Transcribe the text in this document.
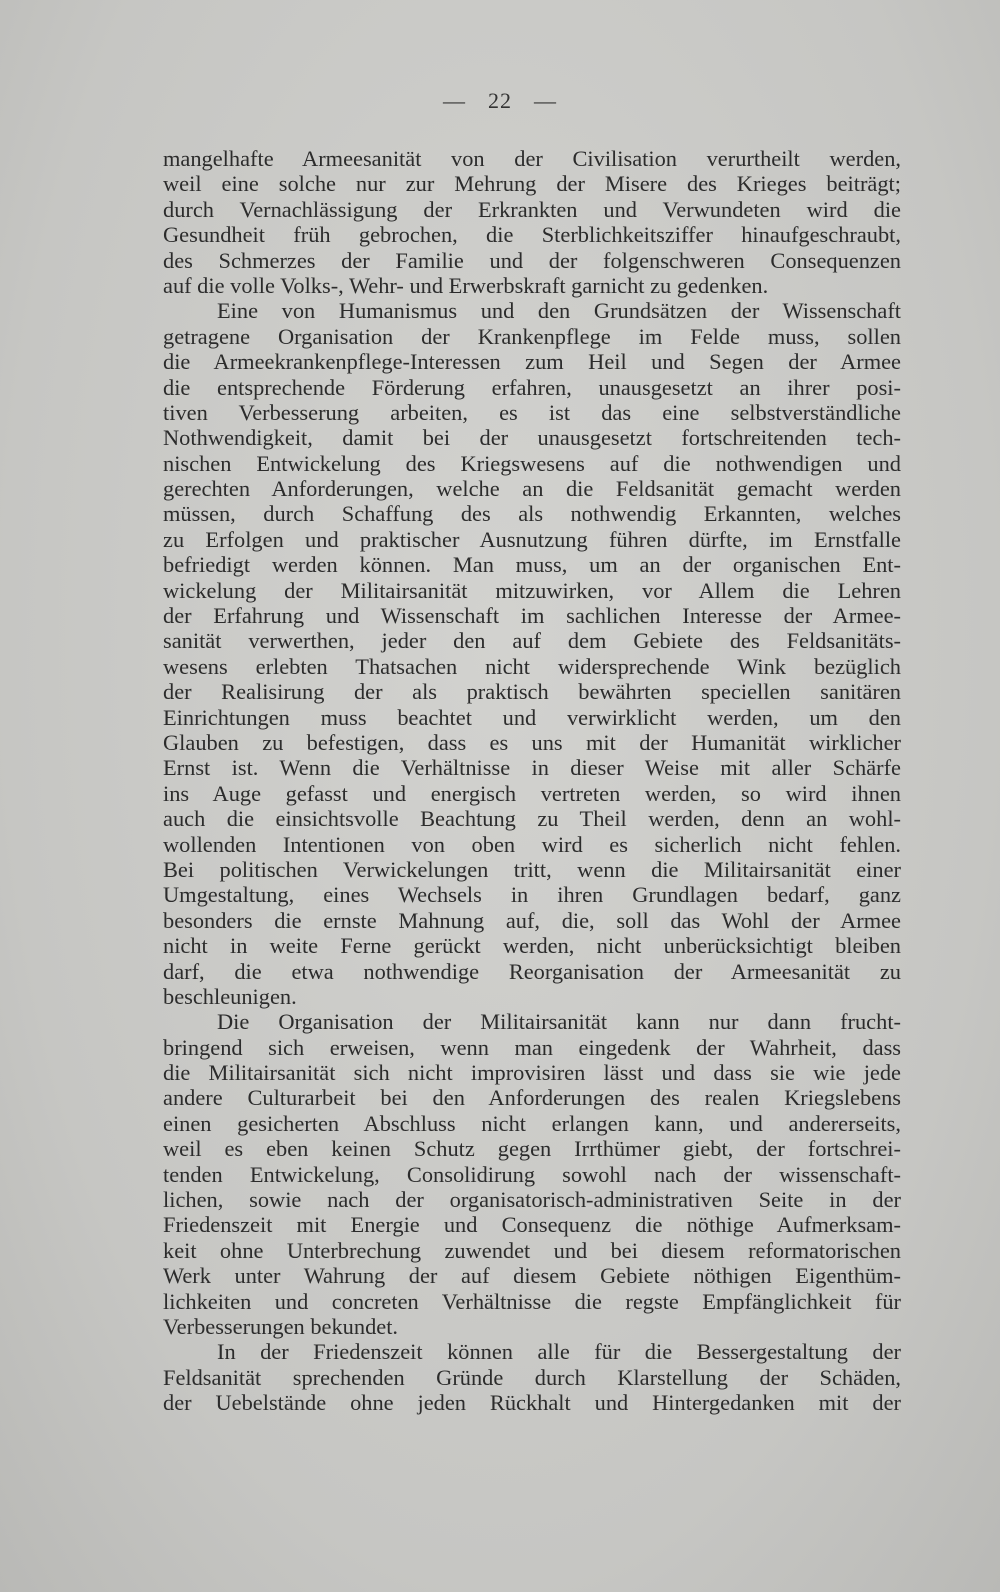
— 22 —
mangelhafte Armeesanität von der Civilisation verurtheilt werden,
weil eine solche nur zur Mehrung der Misere des Krieges beiträgt;
durch Vernachlässigung der Erkrankten und Verwundeten wird die
Gesundheit früh gebrochen, die Sterblichkeitsziffer hinaufgeschraubt,
des Schmerzes der Familie und der folgenschweren Consequenzen
auf die volle Volks-, Wehr- und Erwerbskraft garnicht zu gedenken.
Eine von Humanismus und den Grundsätzen der Wissenschaft
getragene Organisation der Krankenpflege im Felde muss, sollen
die Armeekrankenpflege-Interessen zum Heil und Segen der Armee
die entsprechende Förderung erfahren, unausgesetzt an ihrer posi-
tiven Verbesserung arbeiten, es ist das eine selbstverständliche
Nothwendigkeit, damit bei der unausgesetzt fortschreitenden tech-
nischen Entwickelung des Kriegswesens auf die nothwendigen und
gerechten Anforderungen, welche an die Feldsanität gemacht werden
müssen, durch Schaffung des als nothwendig Erkannten, welches
zu Erfolgen und praktischer Ausnutzung führen dürfte, im Ernstfalle
befriedigt werden können. Man muss, um an der organischen Ent-
wickelung der Militairsanität mitzuwirken, vor Allem die Lehren
der Erfahrung und Wissenschaft im sachlichen Interesse der Armee-
sanität verwerthen, jeder den auf dem Gebiete des Feldsanitäts-
wesens erlebten Thatsachen nicht widersprechende Wink bezüglich
der Realisirung der als praktisch bewährten speciellen sanitären
Einrichtungen muss beachtet und verwirklicht werden, um den
Glauben zu befestigen, dass es uns mit der Humanität wirklicher
Ernst ist. Wenn die Verhältnisse in dieser Weise mit aller Schärfe
ins Auge gefasst und energisch vertreten werden, so wird ihnen
auch die einsichtsvolle Beachtung zu Theil werden, denn an wohl-
wollenden Intentionen von oben wird es sicherlich nicht fehlen.
Bei politischen Verwickelungen tritt, wenn die Militairsanität einer
Umgestaltung, eines Wechsels in ihren Grundlagen bedarf, ganz
besonders die ernste Mahnung auf, die, soll das Wohl der Armee
nicht in weite Ferne gerückt werden, nicht unberücksichtigt bleiben
darf, die etwa nothwendige Reorganisation der Armeesanität zu
beschleunigen.
Die Organisation der Militairsanität kann nur dann frucht-
bringend sich erweisen, wenn man eingedenk der Wahrheit, dass
die Militairsanität sich nicht improvisiren lässt und dass sie wie jede
andere Culturarbeit bei den Anforderungen des realen Kriegslebens
einen gesicherten Abschluss nicht erlangen kann, und andererseits,
weil es eben keinen Schutz gegen Irrthümer giebt, der fortschrei-
tenden Entwickelung, Consolidirung sowohl nach der wissenschaft-
lichen, sowie nach der organisatorisch-administrativen Seite in der
Friedenszeit mit Energie und Consequenz die nöthige Aufmerksam-
keit ohne Unterbrechung zuwendet und bei diesem reformatorischen
Werk unter Wahrung der auf diesem Gebiete nöthigen Eigenthüm-
lichkeiten und concreten Verhältnisse die regste Empfänglichkeit für
Verbesserungen bekundet.
In der Friedenszeit können alle für die Bessergestaltung der
Feldsanität sprechenden Gründe durch Klarstellung der Schäden,
der Uebelstände ohne jeden Rückhalt und Hintergedanken mit der
